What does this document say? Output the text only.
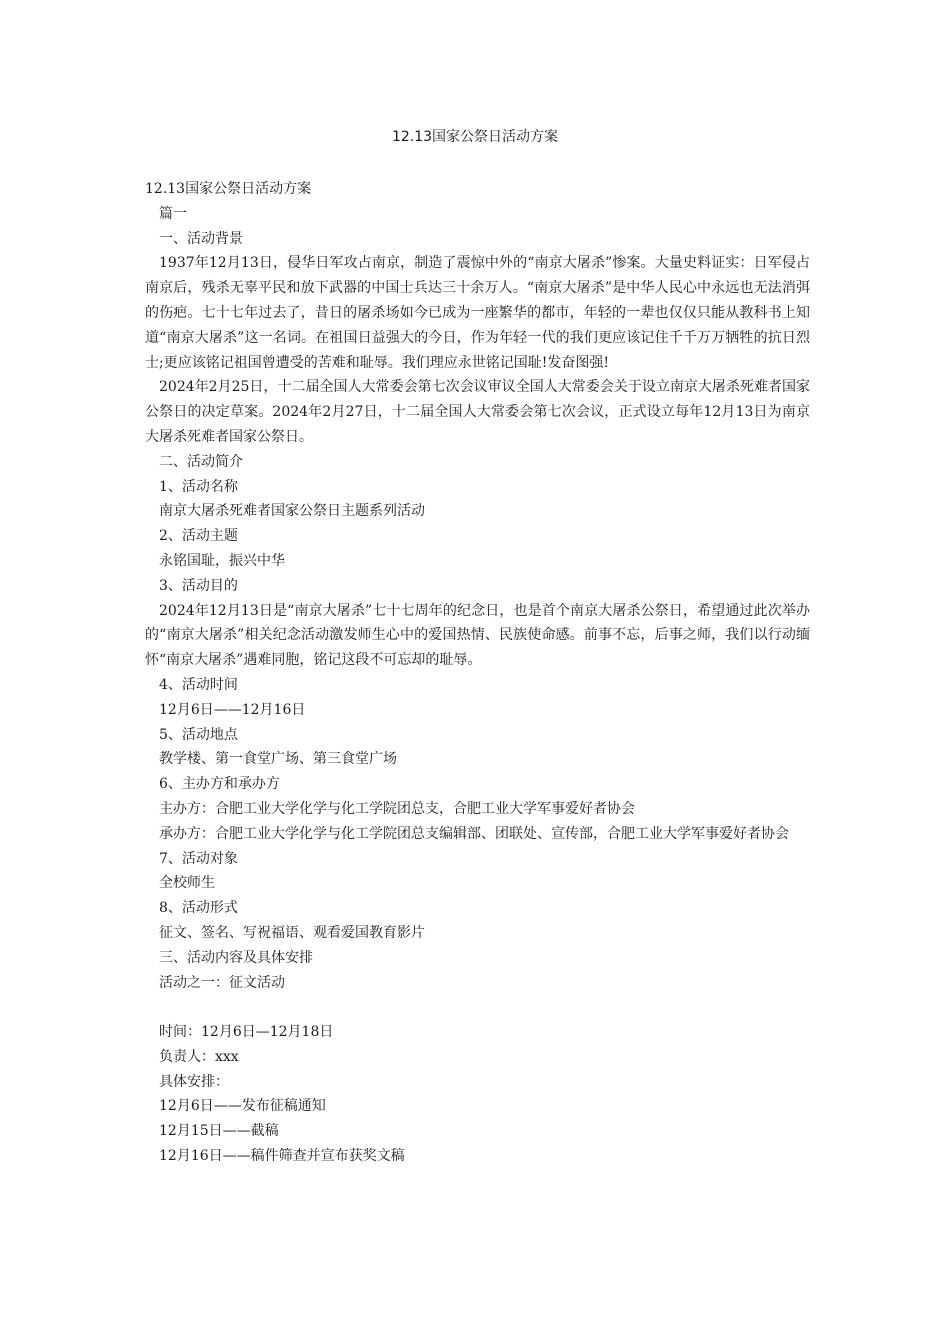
12.13国家公祭日活动方案

12.13国家公祭日活动方案

篇一

一、活动背景

1937年12月13日，侵华日军攻占南京，制造了震惊中外的“南京大屠杀”惨案。大量史料证实：日军侵占南京后，残杀无辜平民和放下武器的中国士兵达三十余万人。“南京大屠杀”是中华人民心中永远也无法消弭的伤疤。七十七年过去了，昔日的屠杀场如今已成为一座繁华的都市，年轻的一辈也仅仅只能从教科书上知道“南京大屠杀”这一名词。在祖国日益强大的今日，作为年轻一代的我们更应该记住千千万万牺牲的抗日烈士;更应该铭记祖国曾遭受的苦难和耻辱。我们理应永世铭记国耻!发奋图强!

2024年2月25日，十二届全国人大常委会第七次会议审议全国人大常委会关于设立南京大屠杀死难者国家公祭日的决定草案。2024年2月27日，十二届全国人大常委会第七次会议，正式设立每年12月13日为南京大屠杀死难者国家公祭日。

二、活动简介

1、活动名称

南京大屠杀死难者国家公祭日主题系列活动

2、活动主题

永铭国耻，振兴中华

3、活动目的

2024年12月13日是“南京大屠杀”七十七周年的纪念日，也是首个南京大屠杀公祭日，希望通过此次举办的“南京大屠杀”相关纪念活动激发师生心中的爱国热情、民族使命感。前事不忘，后事之师，我们以行动缅怀“南京大屠杀”遇难同胞，铭记这段不可忘却的耻辱。

4、活动时间

12月6日——12月16日

5、活动地点

教学楼、第一食堂广场、第三食堂广场

6、主办方和承办方

主办方：合肥工业大学化学与化工学院团总支，合肥工业大学军事爱好者协会

承办方：合肥工业大学化学与化工学院团总支编辑部、团联处、宣传部，合肥工业大学军事爱好者协会

7、活动对象

全校师生

8、活动形式

征文、签名、写祝福语、观看爱国教育影片

三、活动内容及具体安排

活动之一：征文活动

时间：12月6日—12月18日

负责人：xxx

具体安排：

12月6日——发布征稿通知

12月15日——截稿

12月16日——稿件筛查并宣布获奖文稿
